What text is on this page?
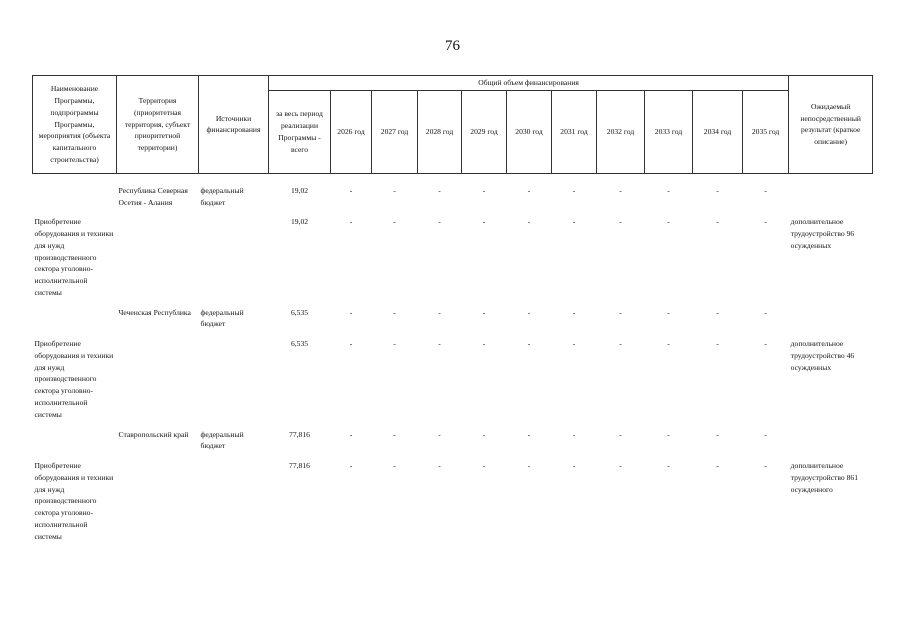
76
Наименование Программы, подпрограммы Программы, мероприятия (объекта капитального строительства)	Территория (приоритетная территория, субъект приоритетной территории)	Источники финансирования	Общий объем финансирования											Ожидаемый непосредственный результат (краткое описание)
			за весь период реализации Программы - всего	2026 год	2027 год	2028 год	2029 год	2030 год	2031 год	2032 год	2033 год	2034 год	2035 год	

	Республика Северная Осетия - Алания	федеральный бюджет	19,02	-	-	-	-	-	-	-	-	-	-	

Приобретение оборудования и техники для нужд производственного сектора уголовно-исполнительной системы			19,02	-	-	-	-	-	-	-	-	-	-	дополнительное трудоустройство 96 осужденных

	Чеченская Республика	федеральный бюджет	6,535	-	-	-	-	-	-	-	-	-	-	

Приобретение оборудования и техники для нужд производственного сектора уголовно-исполнительной системы			6,535	-	-	-	-	-	-	-	-	-	-	дополнительное трудоустройство 46 осужденных

	Ставропольский край	федеральный бюджет	77,816	-	-	-	-	-	-	-	-	-	-	

Приобретение оборудования и техники для нужд производственного сектора уголовно-исполнительной системы			77,816	-	-	-	-	-	-	-	-	-	-	дополнительное трудоустройство 861 осужденного
